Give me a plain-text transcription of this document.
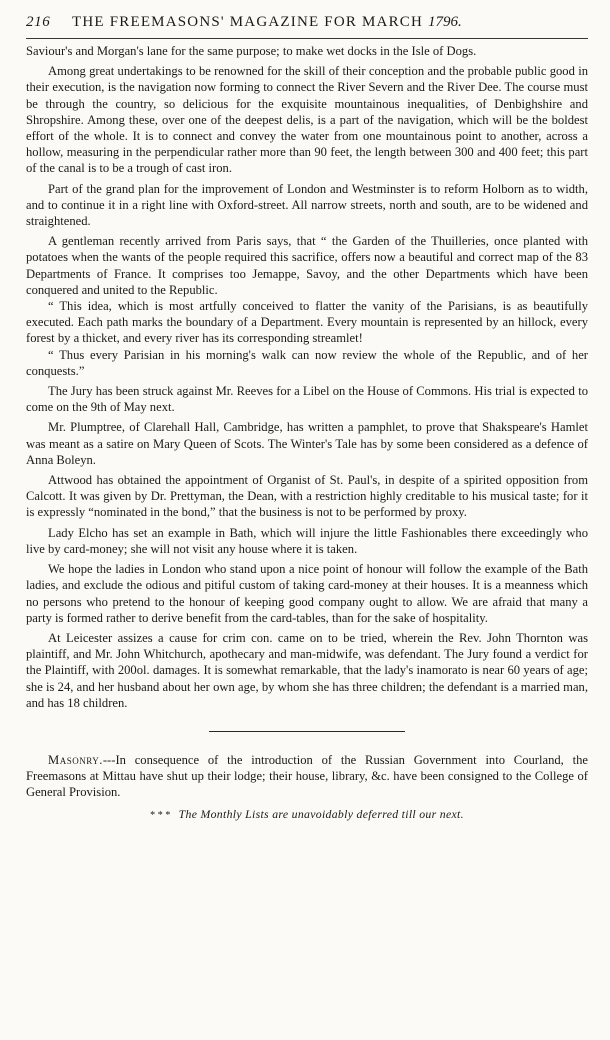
216	THE FREEMASONS' MAGAZINE FOR MARCH 1796.

Saviour's and Morgan's lane for the same purpose; to make wet docks in the Isle of Dogs.

Among great undertakings to be renowned for the skill of their conception and the probable public good in their execution, is the navigation now forming to connect the River Severn and the River Dee. The course must be through the country, so delicious for the exquisite mountainous inequalities, of Denbighshire and Shropshire. Among these, over one of the deepest delis, is a part of the navigation, which will be the boldest effort of the whole. It is to connect and convey the water from one mountainous point to another, across a hollow, measuring in the perpendicular rather more than 90 feet, the length between 300 and 400 feet; this part of the canal is to be a trough of cast iron.

Part of the grand plan for the improvement of London and Westminster is to reform Holborn as to width, and to continue it in a right line with Oxford-street. All narrow streets, north and south, are to be widened and straightened.

A gentleman recently arrived from Paris says, that “ the Garden of the Thuilleries, once planted with potatoes when the wants of the people required this sacrifice, offers now a beautiful and correct map of the 83 Departments of France. It comprises too Jemappe, Savoy, and the other Departments which have been conquered and united to the Republic.

“ This idea, which is most artfully conceived to flatter the vanity of the Parisians, is as beautifully executed. Each path marks the boundary of a Department. Every mountain is represented by an hillock, every forest by a thicket, and every river has its corresponding streamlet!

“ Thus every Parisian in his morning's walk can now review the whole of the Republic, and of her conquests.”

The Jury has been struck against Mr. Reeves for a Libel on the House of Commons. His trial is expected to come on the 9th of May next.

Mr. Plumptree, of Clarehall Hall, Cambridge, has written a pamphlet, to prove that Shakspeare's Hamlet was meant as a satire on Mary Queen of Scots. The Winter's Tale has by some been considered as a defence of Anna Boleyn.

Attwood has obtained the appointment of Organist of St. Paul's, in despite of a spirited opposition from Calcott. It was given by Dr. Prettyman, the Dean, with a restriction highly creditable to his musical taste; for it is expressly “nominated in the bond,” that the business is not to be performed by proxy.

Lady Elcho has set an example in Bath, which will injure the little Fashionables there exceedingly who live by card-money; she will not visit any house where it is taken.

We hope the ladies in London who stand upon a nice point of honour will follow the example of the Bath ladies, and exclude the odious and pitiful custom of taking card-money at their houses. It is a meanness which no persons who pretend to the honour of keeping good company ought to allow. We are afraid that many a party is formed rather to derive benefit from the card-tables, than for the sake of hospitality.

At Leicester assizes a cause for crim con. came on to be tried, wherein the Rev. John Thornton was plaintiff, and Mr. John Whitchurch, apothecary and man-midwife, was defendant. The Jury found a verdict for the Plaintiff, with 200ol. damages. It is somewhat remarkable, that the lady's inamorato is near 60 years of age; she is 24, and her husband about her own age, by whom she has three children; the defendant is a married man, and has 18 children.

Masonry.---In consequence of the introduction of the Russian Government into Courland, the Freemasons at Mittau have shut up their lodge; their house, library, &c. have been consigned to the College of General Provision.

* * * The Monthly Lists are unavoidably deferred till our next.
